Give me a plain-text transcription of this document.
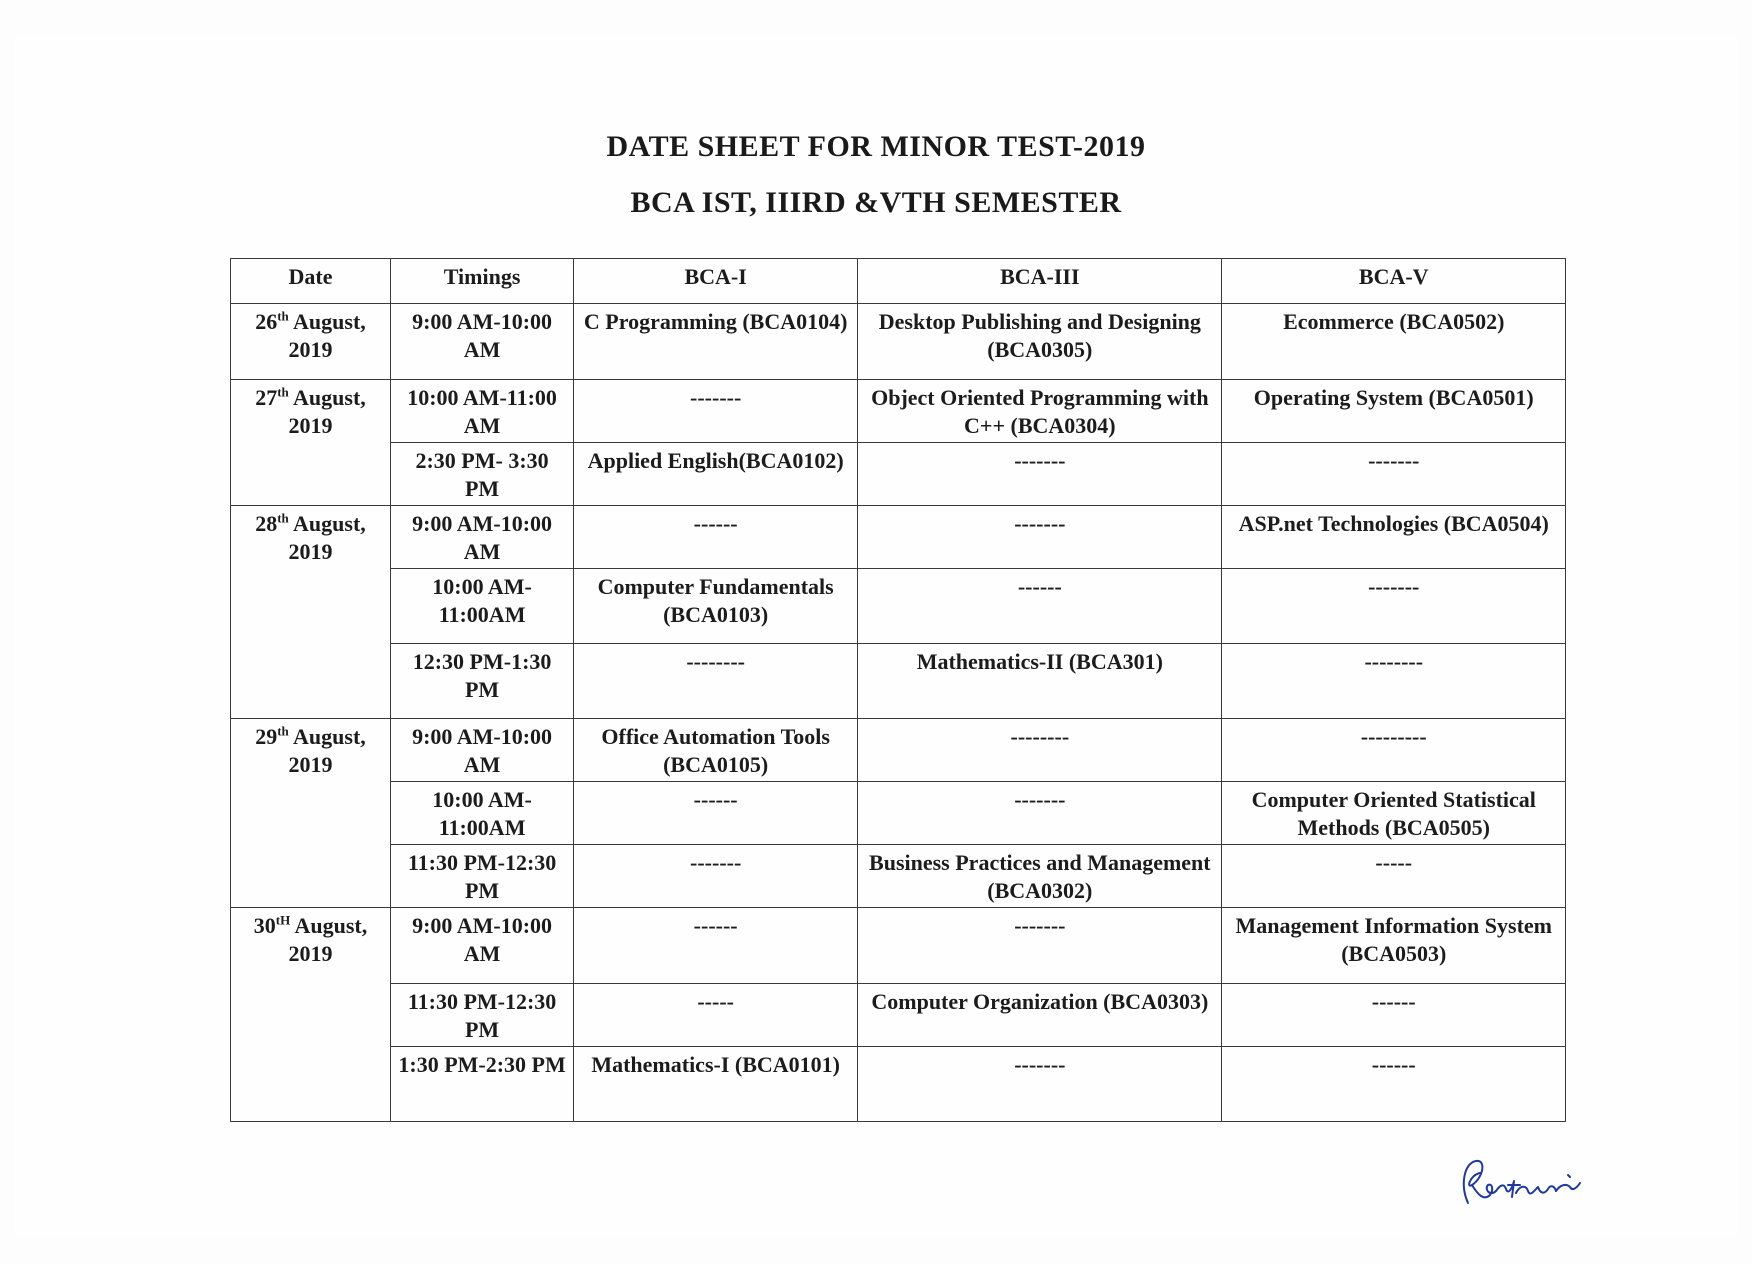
DATE SHEET FOR MINOR TEST-2019
BCA IST, IIIRD &VTH SEMESTER
Date	Timings	BCA-I	BCA-III	BCA-V
26th August,
2019	9:00 AM-10:00 AM	C Programming (BCA0104)	Desktop Publishing and Designing (BCA0305)	Ecommerce (BCA0502)
27th August,
2019	10:00 AM-11:00 AM	-------	Object Oriented Programming with C++ (BCA0304)	Operating System (BCA0501)
	2:30 PM- 3:30 PM	Applied English(BCA0102)	-------	-------
28th August,
2019	9:00 AM-10:00 AM	------	-------	ASP.net Technologies (BCA0504)
	10:00 AM-11:00AM	Computer Fundamentals (BCA0103)	------	-------
	12:30 PM-1:30 PM	--------	Mathematics-II (BCA301)	--------
29th August,
2019	9:00 AM-10:00 AM	Office Automation Tools (BCA0105)	--------	---------
	10:00 AM-11:00AM	------	-------	Computer Oriented Statistical Methods (BCA0505)
	11:30 PM-12:30 PM	-------	Business Practices and Management (BCA0302)	-----
30tH August,
2019	9:00 AM-10:00 AM	------	-------	Management Information System (BCA0503)
	11:30 PM-12:30 PM	-----	Computer Organization (BCA0303)	------
	1:30 PM-2:30 PM	Mathematics-I (BCA0101)	-------	------
